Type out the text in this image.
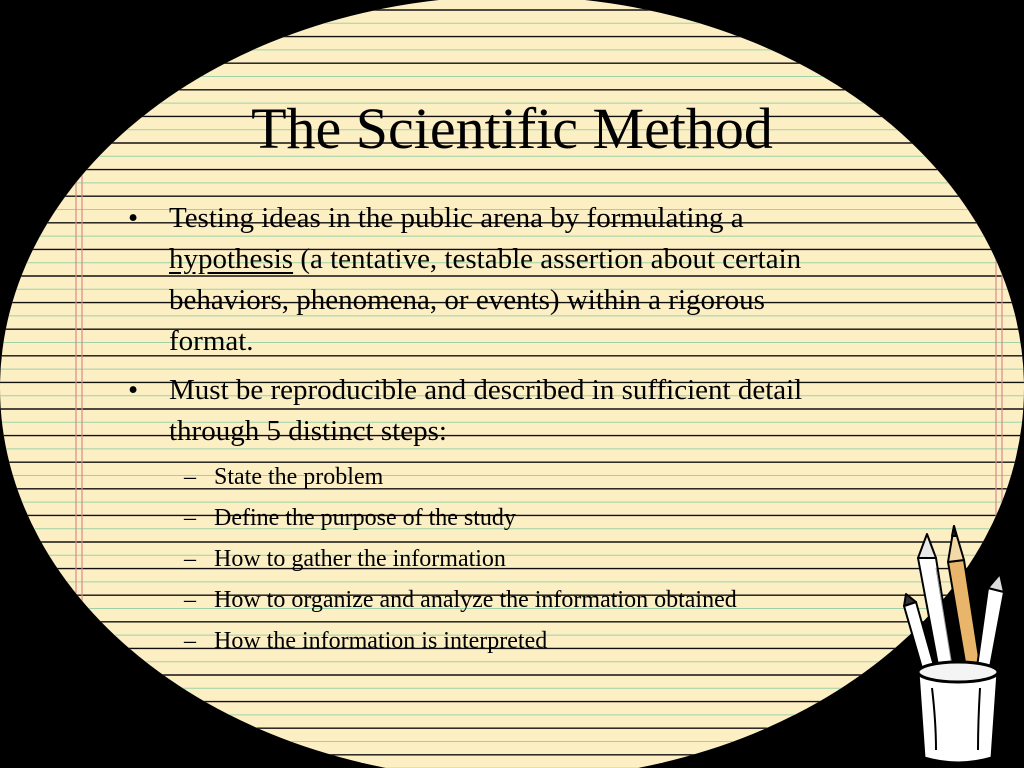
The Scientific Method
• Testing ideas in the public arena by formulating a hypothesis (a tentative, testable assertion about certain behaviors, phenomena, or events) within a rigorous format.
• Must be reproducible and described in sufficient detail through 5 distinct steps:
– State the problem
– Define the purpose of the study
– How to gather the information
– How to organize and analyze the information obtained
– How the information is interpreted
